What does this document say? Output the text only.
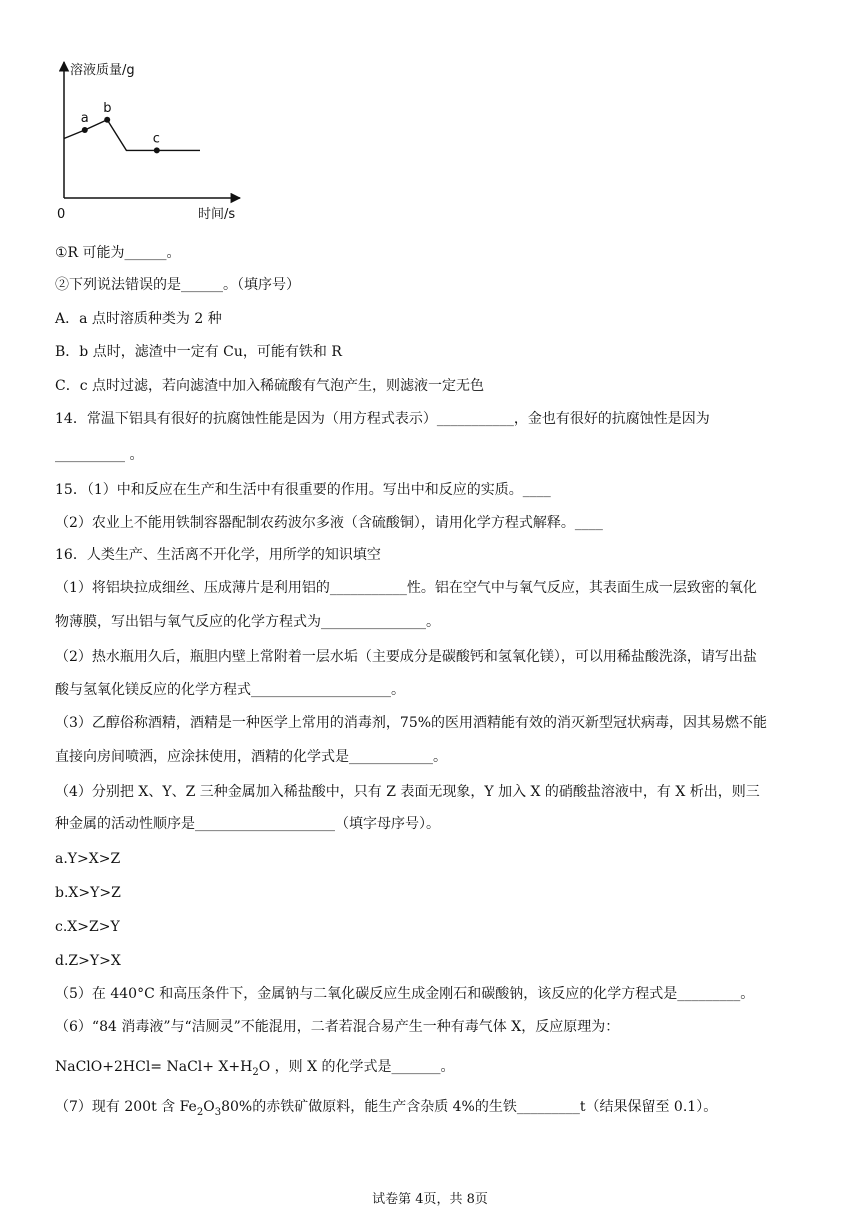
溶液质量/g
时间/s
0
a
b
c
①R 可能为______。
②下列说法错误的是______。（填序号）
A．a 点时溶质种类为 2 种
B．b 点时，滤渣中一定有 Cu，可能有铁和 R
C．c 点时过滤，若向滤渣中加入稀硫酸有气泡产生，则滤液一定无色
14．常温下铝具有很好的抗腐蚀性能是因为（用方程式表示）___________，金也有很好的抗腐蚀性是因为
__________ 。
15．（1）中和反应在生产和生活中有很重要的作用。写出中和反应的实质。____
（2）农业上不能用铁制容器配制农药波尔多液（含硫酸铜），请用化学方程式解释。____
16．人类生产、生活离不开化学，用所学的知识填空
（1）将铝块拉成细丝、压成薄片是利用铝的___________性。铝在空气中与氧气反应，其表面生成一层致密的氧化
物薄膜，写出铝与氧气反应的化学方程式为_______________。
（2）热水瓶用久后，瓶胆内壁上常附着一层水垢（主要成分是碳酸钙和氢氧化镁），可以用稀盐酸洗涤，请写出盐
酸与氢氧化镁反应的化学方程式____________________。
（3）乙醇俗称酒精，酒精是一种医学上常用的消毒剂，75%的医用酒精能有效的消灭新型冠状病毒，因其易燃不能
直接向房间喷洒，应涂抹使用，酒精的化学式是____________。
（4）分别把 X、Y、Z 三种金属加入稀盐酸中，只有 Z 表面无现象，Y 加入 X 的硝酸盐溶液中，有 X 析出，则三
种金属的活动性顺序是____________________（填字母序号）。
a.Y>X>Z
b.X>Y>Z
c.X>Z>Y
d.Z>Y>X
（5）在 440°C 和高压条件下，金属钠与二氧化碳反应生成金刚石和碳酸钠，该反应的化学方程式是_________。
（6）“84 消毒液”与“洁厕灵”不能混用，二者若混合易产生一种有毒气体 X，反应原理为：
NaClO+2HCl= NaCl+ $X+H_2O$ ，则 X 的化学式是_______。
（7）现有 200t 含 $Fe_2O_380\%$的赤铁矿做原料，能生产含杂质 4%的生铁_________t（结果保留至 0.1）。
试卷第 4页，共 8页
